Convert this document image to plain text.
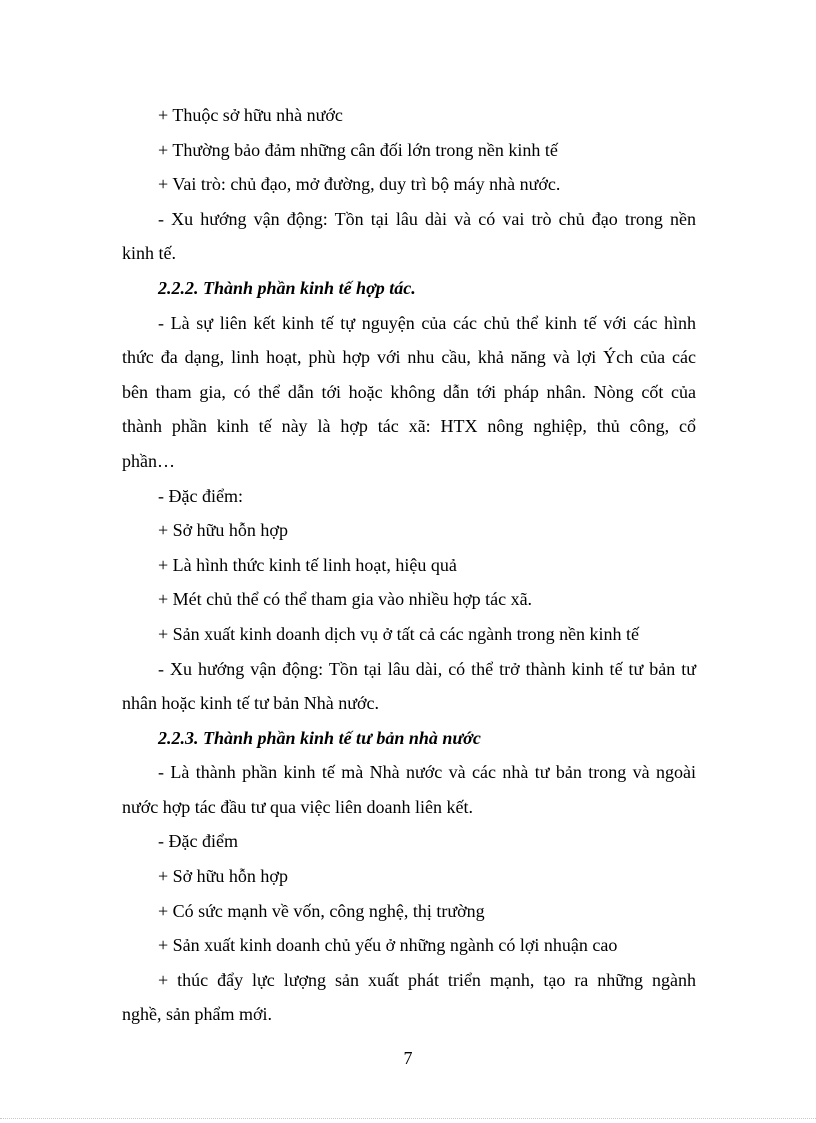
+ Thuộc sở hữu nhà nước

+ Thường bảo đảm những cân đối lớn trong nền kinh tế

+ Vai trò: chủ đạo, mở đường, duy trì bộ máy nhà nước.

- Xu hướng vận động: Tồn tại lâu dài và có vai trò chủ đạo trong nền

kinh tế.

2.2.2. Thành phần kinh tế hợp tác.

- Là sự liên kết kinh tế tự nguyện của các chủ thể kinh tế với các hình

thức đa dạng, linh hoạt, phù hợp với nhu cầu, khả năng và lợi Ých của các

bên tham gia, có thể dẫn tới hoặc không dẫn tới pháp nhân. Nòng cốt của

thành phần kinh tế này là hợp tác xã: HTX nông nghiệp, thủ công, cổ

phần…

- Đặc điểm:

+ Sở hữu hỗn hợp

+ Là hình thức kinh tế linh hoạt, hiệu quả

+ Mét chủ thể có thể tham gia vào nhiều hợp tác xã.

+ Sản xuất kinh doanh dịch vụ ở tất cả các ngành trong nền kinh tế

- Xu hướng vận động: Tồn tại lâu dài, có thể trở thành kinh tế tư bản tư

nhân hoặc kinh tế tư bản Nhà nước.

2.2.3. Thành phần kinh tế tư bản nhà nước

- Là thành phần kinh tế mà Nhà nước và các nhà tư bản trong và ngoài

nước hợp tác đầu tư qua việc liên doanh liên kết.

- Đặc điểm

+ Sở hữu hỗn hợp

+ Có sức mạnh về vốn, công nghệ, thị trường

+ Sản xuất kinh doanh chủ yếu ở những ngành có lợi nhuận cao

+ thúc đẩy lực lượng sản xuất phát triển mạnh, tạo ra những ngành

nghề, sản phẩm mới.

7
